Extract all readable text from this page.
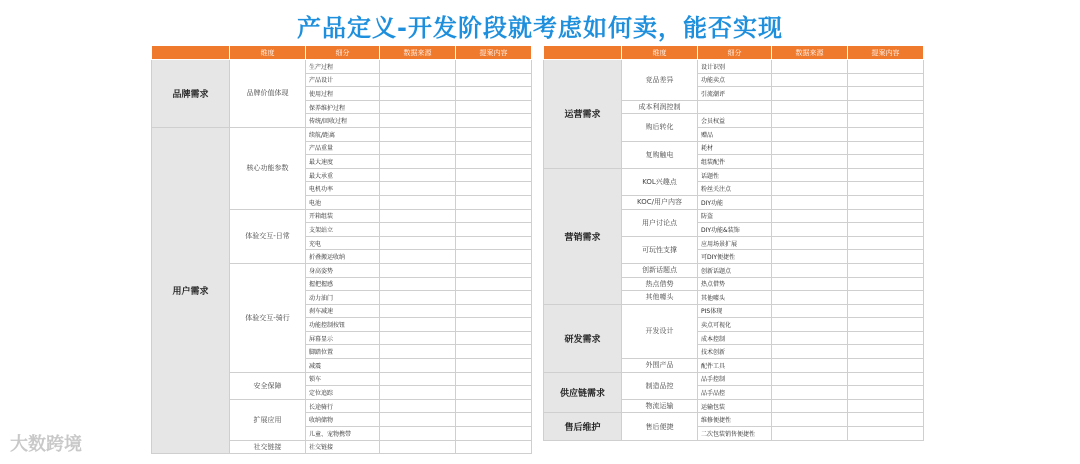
产品定义-开发阶段就考虑如何卖，能否实现
	维度	细分	数据来源	提案内容
品牌需求	品牌价值体现	生产过程		
		产品设计		
		使用过程		
		保养维护过程		
		传统/回收过程		
用户需求	核心功能参数	续航/距离		
		产品重量		
		最大速度		
		最大承重		
		电机功率		
		电池		
	体验交互-日常	开箱组装		
		支架站立		
		充电		
		折叠搬运收纳		
	体验交互-骑行	身高姿势		
		握把握感		
		动力油门		
		刹车减速		
		功能控制按钮		
		屏幕显示		
		脚踏位置		
		减震		
	安全保障	锁车		
		定位追踪		
	扩展应用	长途骑行		
		收纳储物		
		儿童、宠物携带		
	社交链接	社交链接		
	维度	细分	数据来源	提案内容
运营需求	竞品差异	设计识别		
		功能卖点		
		引流潮评		
	成本利润控制			
	购后转化	会员权益		
		赠品		
	复购触电	耗材		
		组装配件		
营销需求	KOL兴趣点	话题性		
		粉丝关注点		
	KOC/用户内容	DIY功能		
	用户讨论点	防盗		
		DIY功能&装饰		
	可玩性支撑	应用场景扩展		
		可DIY便捷性		
	创新话题点	创新话题点		
	热点借势	热点借势		
	其他噱头	其他噱头		
研发需求	开发设计	PIS体现		
		卖点可视化		
		成本控制		
		技术创新		
	外围产品	配件工具		
供应链需求	制造品控	品手控制		
		品手品控		
	物流运输	运输包装		
售后维护	售后便捷	维修便捷性		
		二次包装销售便捷性		
大数跨境
